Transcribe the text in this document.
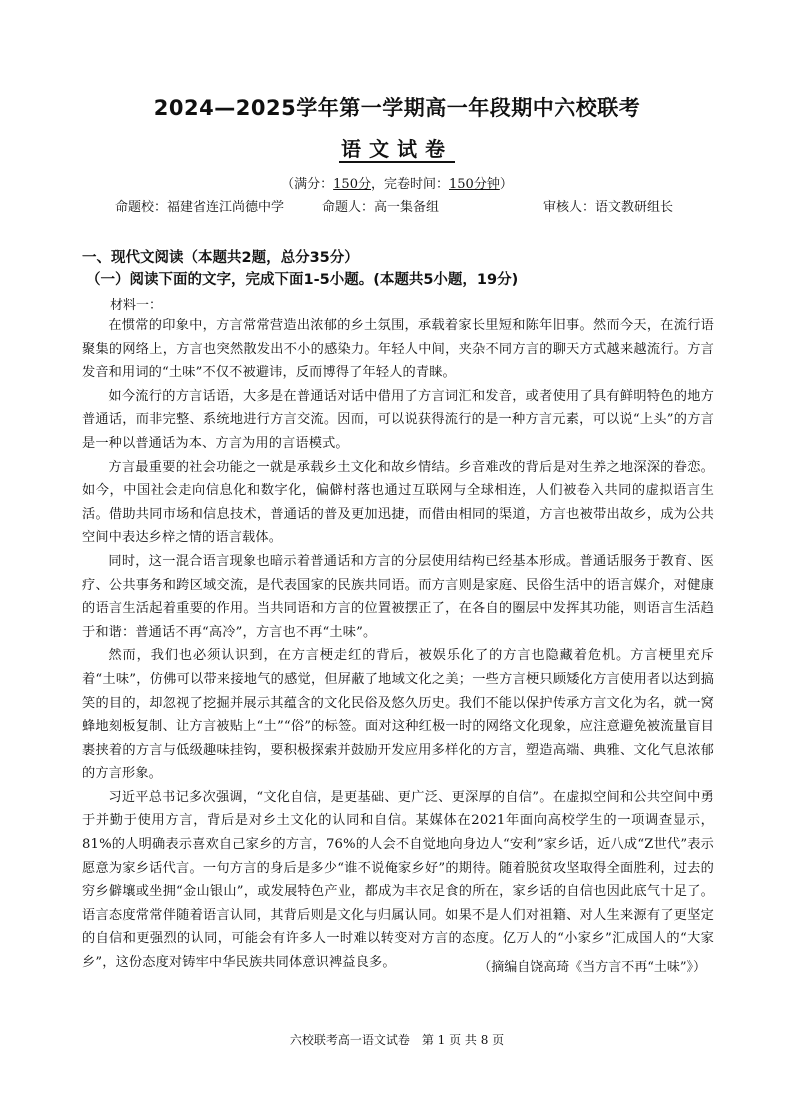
2024—2025学年第一学期高一年段期中六校联考
语文试卷
（满分：150分，完卷时间：150分钟）
命题校：福建省连江尚德中学	命题人：高一集备组	审核人：语文教研组长
一、现代文阅读（本题共2题，总分35分）
（一）阅读下面的文字，完成下面1-5小题。(本题共5小题，19分)
材料一：

在惯常的印象中，方言常常营造出浓郁的乡土氛围，承载着家长里短和陈年旧事。然而今天，在流行语聚集的网络上，方言也突然散发出不小的感染力。年轻人中间，夹杂不同方言的聊天方式越来越流行。方言发音和用词的“土味”不仅不被避讳，反而博得了年轻人的青睐。

如今流行的方言话语，大多是在普通话对话中借用了方言词汇和发音，或者使用了具有鲜明特色的地方普通话，而非完整、系统地进行方言交流。因而，可以说获得流行的是一种方言元素，可以说“上头”的方言是一种以普通话为本、方言为用的言语模式。

方言最重要的社会功能之一就是承载乡土文化和故乡情结。乡音难改的背后是对生养之地深深的眷恋。如今，中国社会走向信息化和数字化，偏僻村落也通过互联网与全球相连，人们被卷入共同的虚拟语言生活。借助共同市场和信息技术，普通话的普及更加迅捷，而借由相同的渠道，方言也被带出故乡，成为公共空间中表达乡梓之情的语言载体。

同时，这一混合语言现象也暗示着普通话和方言的分层使用结构已经基本形成。普通话服务于教育、医疗、公共事务和跨区域交流，是代表国家的民族共同语。而方言则是家庭、民俗生活中的语言媒介，对健康的语言生活起着重要的作用。当共同语和方言的位置被摆正了，在各自的圈层中发挥其功能，则语言生活趋于和谐：普通话不再“高冷”，方言也不再“土味”。

然而，我们也必须认识到，在方言梗走红的背后，被娱乐化了的方言也隐藏着危机。方言梗里充斥着“土味”，仿佛可以带来接地气的感觉，但屏蔽了地域文化之美；一些方言梗只顾矮化方言使用者以达到搞笑的目的，却忽视了挖掘并展示其蕴含的文化民俗及悠久历史。我们不能以保护传承方言文化为名，就一窝蜂地刻板复制、让方言被贴上“土”“俗”的标签。面对这种红极一时的网络文化现象，应注意避免被流量盲目裹挟着的方言与低级趣味挂钩，要积极探索并鼓励开发应用多样化的方言，塑造高端、典雅、文化气息浓郁的方言形象。

习近平总书记多次强调，“文化自信，是更基础、更广泛、更深厚的自信”。在虚拟空间和公共空间中勇于并勤于使用方言，背后是对乡土文化的认同和自信。某媒体在2021年面向高校学生的一项调查显示，81%的人明确表示喜欢自己家乡的方言，76%的人会不自觉地向身边人“安利”家乡话，近八成“Z世代”表示愿意为家乡话代言。一句方言的身后是多少“谁不说俺家乡好”的期待。随着脱贫攻坚取得全面胜利，过去的穷乡僻壤或坐拥“金山银山”，或发展特色产业，都成为丰衣足食的所在，家乡话的自信也因此底气十足了。语言态度常常伴随着语言认同，其背后则是文化与归属认同。如果不是人们对祖籍、对人生来源有了更坚定的自信和更强烈的认同，可能会有许多人一时难以转变对方言的态度。亿万人的“小家乡”汇成国人的“大家乡”，这份态度对铸牢中华民族共同体意识裨益良多。	（摘编自饶高琦《当方言不再“土味”》）
六校联考高一语文试卷　第 1 页 共 8 页
